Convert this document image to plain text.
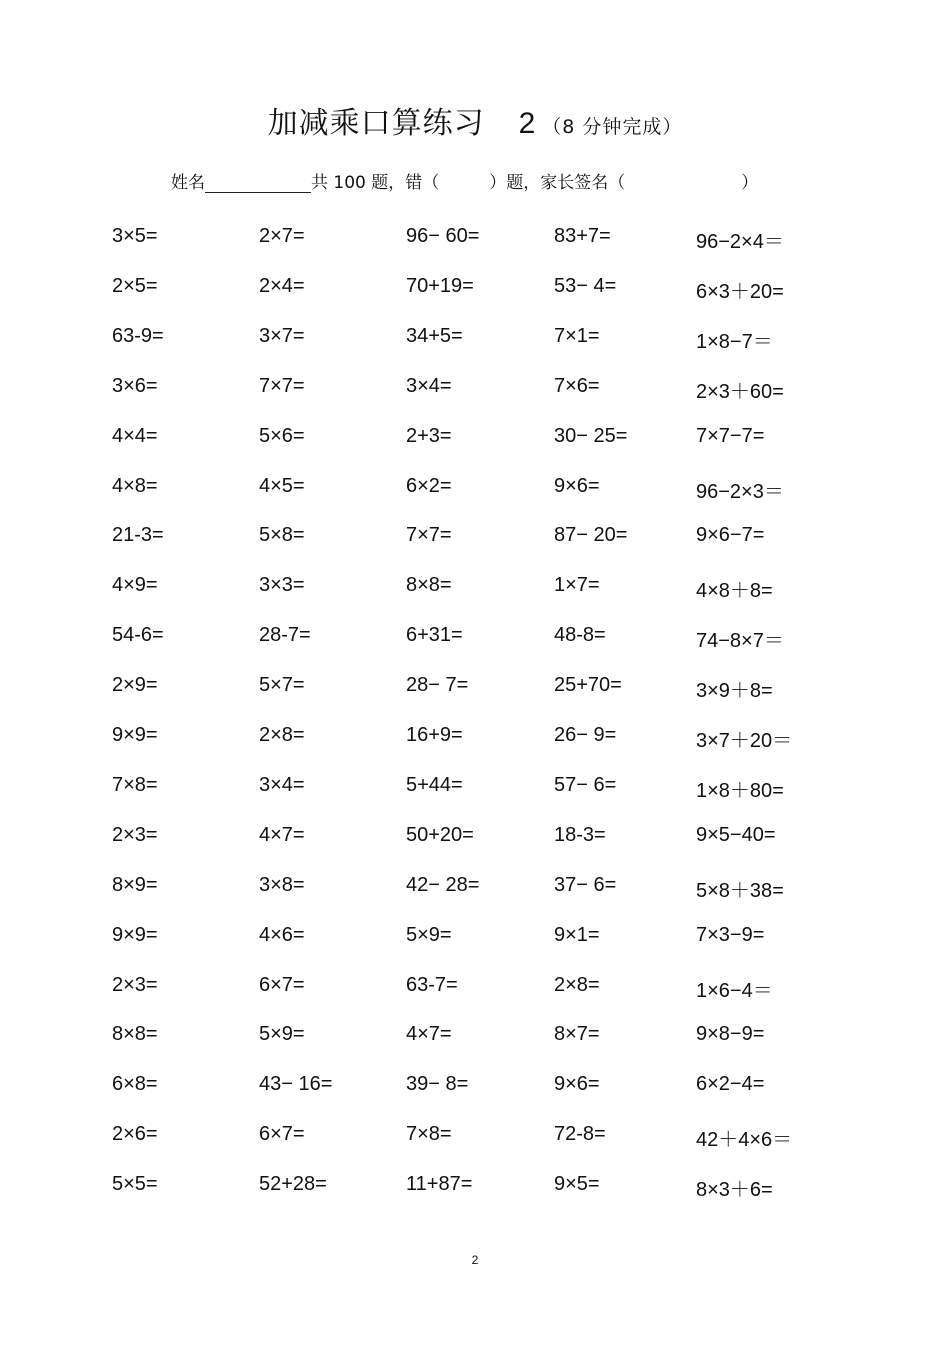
加减乘口算练习 2 （8 分钟完成）
姓名	共 100 题，错（	）题，家长签名（	）
3×5=	2×7=	96− 60=	83+7=	96−2×4＝
2×5=	2×4=	70+19=	53− 4=	6×3＋20=
63-9=	3×7=	34+5=	7×1=	1×8−7＝
3×6=	7×7=	3×4=	7×6=	2×3＋60=
4×4=	5×6=	2+3=	30− 25=	7×7−7=
4×8=	4×5=	6×2=	9×6=	96−2×3＝
21-3=	5×8=	7×7=	87− 20=	9×6−7=
4×9=	3×3=	8×8=	1×7=	4×8＋8=
54-6=	28-7=	6+31=	48-8=	74−8×7＝
2×9=	5×7=	28− 7=	25+70=	3×9＋8=
9×9=	2×8=	16+9=	26− 9=	3×7＋20＝
7×8=	3×4=	5+44=	57− 6=	1×8＋80=
2×3=	4×7=	50+20=	18-3=	9×5−40=
8×9=	3×8=	42− 28=	37− 6=	5×8＋38=
9×9=	4×6=	5×9=	9×1=	7×3−9=
2×3=	6×7=	63-7=	2×8=	1×6−4＝
8×8=	5×9=	4×7=	8×7=	9×8−9=
6×8=	43− 16=	39− 8=	9×6=	6×2−4=
2×6=	6×7=	7×8=	72-8=	42＋4×6＝
5×5=	52+28=	11+87=	9×5=	8×3＋6=
2
